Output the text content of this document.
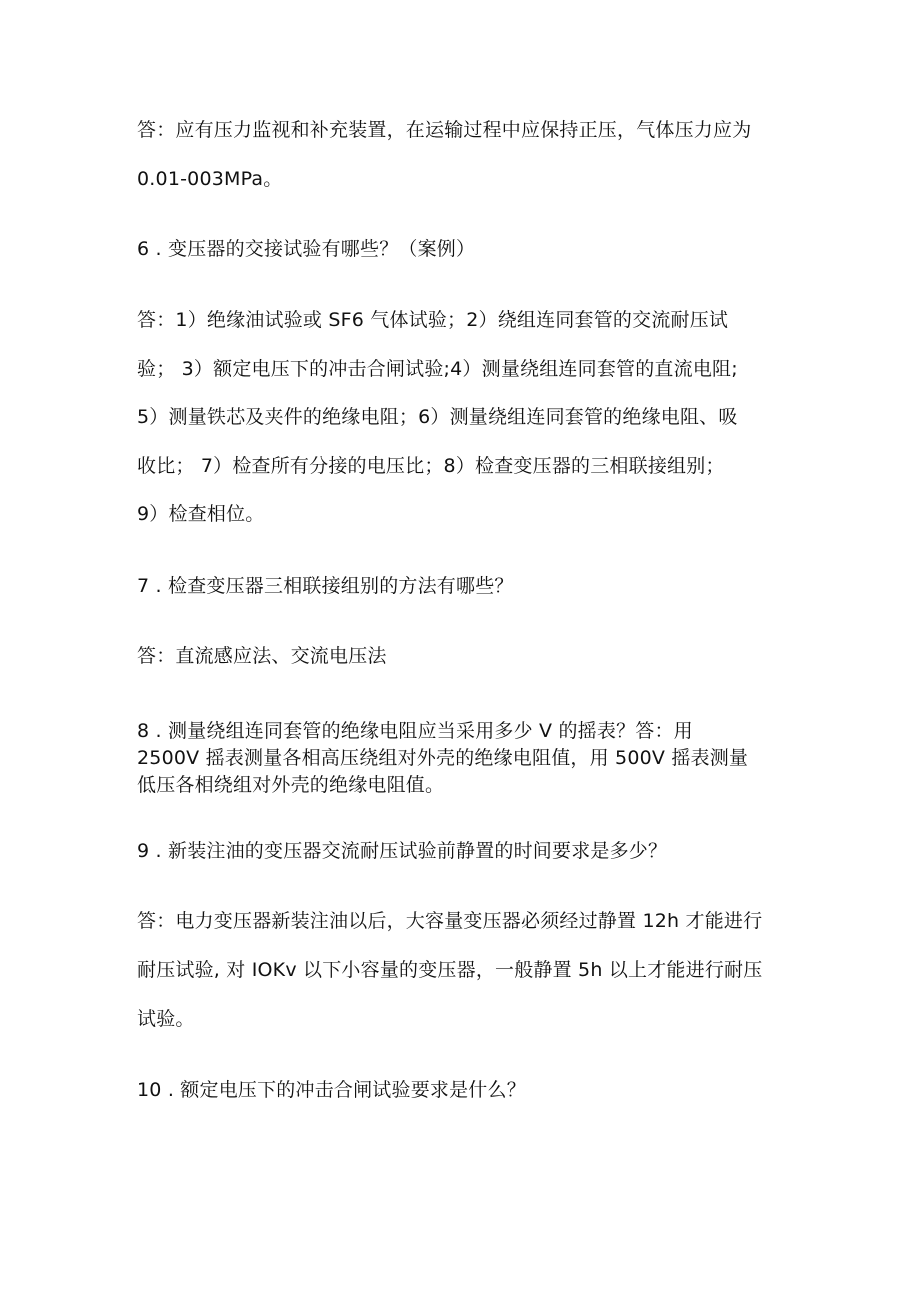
答：应有压力监视和补充装置，在运输过程中应保持正压，气体压力应为
0.01-003MPa。
6 . 变压器的交接试验有哪些？（案例）
答：1）绝缘油试验或 SF6 气体试验；2）绕组连同套管的交流耐压试
验； 3）额定电压下的冲击合闸试验;4）测量绕组连同套管的直流电阻;
5）测量铁芯及夹件的绝缘电阻；6）测量绕组连同套管的绝缘电阻、吸
收比； 7）检查所有分接的电压比；8）检查变压器的三相联接组别；
9）检查相位。
7 . 检查变压器三相联接组别的方法有哪些？
答：直流感应法、交流电压法
8 . 测量绕组连同套管的绝缘电阻应当采用多少 V 的摇表？答：用
2500V 摇表测量各相高压绕组对外壳的绝缘电阻值，用 500V 摇表测量
低压各相绕组对外壳的绝缘电阻值。
9 . 新装注油的变压器交流耐压试验前静置的时间要求是多少？
答：电力变压器新装注油以后，大容量变压器必须经过静置 12h 才能进行
耐压试验, 对 IOKv 以下小容量的变压器，一般静置 5h 以上才能进行耐压
试验。
10 . 额定电压下的冲击合闸试验要求是什么？
